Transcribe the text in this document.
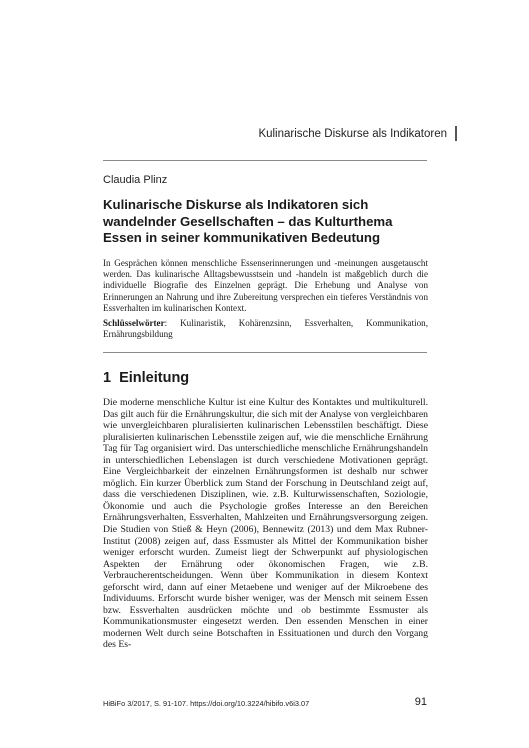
Kulinarische Diskurse als Indikatoren
Claudia Plinz
Kulinarische Diskurse als Indikatoren sich wandelnder Gesellschaften – das Kulturthema Essen in seiner kommunikativen Bedeutung

In Gesprächen können menschliche Essenserinnerungen und -meinungen ausgetauscht werden. Das kulinarische Alltagsbewusstsein und -handeln ist maßgeblich durch die individuelle Biografie des Einzelnen geprägt. Die Erhebung und Analyse von Erinnerungen an Nahrung und ihre Zubereitung versprechen ein tieferes Verständnis von Essverhalten im kulinarischen Kontext.

Schlüsselwörter: Kulinaristik, Kohärenzsinn, Essverhalten, Kommunikation, Ernährungsbildung

1 Einleitung

Die moderne menschliche Kultur ist eine Kultur des Kontaktes und multikulturell. Das gilt auch für die Ernährungskultur, die sich mit der Analyse von vergleichbaren wie unvergleichbaren pluralisierten kulinarischen Lebensstilen beschäftigt. Diese pluralisierten kulinarischen Lebensstile zeigen auf, wie die menschliche Ernährung Tag für Tag organisiert wird. Das unterschiedliche menschliche Ernährungshandeln in unterschiedlichen Lebenslagen ist durch verschiedene Motivationen geprägt. Eine Vergleichbarkeit der einzelnen Ernährungsformen ist deshalb nur schwer möglich. Ein kurzer Überblick zum Stand der Forschung in Deutschland zeigt auf, dass die verschiedenen Disziplinen, wie. z.B. Kulturwissenschaften, Soziologie, Ökonomie und auch die Psychologie großes Interesse an den Bereichen Ernährungsverhalten, Essverhalten, Mahlzeiten und Ernährungsversorgung zeigen. Die Studien von Stieß & Heyn (2006), Bennewitz (2013) und dem Max Rubner-Institut (2008) zeigen auf, dass Essmuster als Mittel der Kommunikation bisher weniger erforscht wurden. Zumeist liegt der Schwerpunkt auf physiologischen Aspekten der Ernährung oder ökonomischen Fragen, wie z.B. Verbraucherentscheidungen. Wenn über Kommunikation in diesem Kontext geforscht wird, dann auf einer Metaebene und weniger auf der Mikroebene des Individuums. Erforscht wurde bisher weniger, was der Mensch mit seinem Essen bzw. Essverhalten ausdrücken möchte und ob bestimmte Essmuster als Kommunikationsmuster eingesetzt werden. Den essenden Menschen in einer modernen Welt durch seine Botschaften in Essituationen und durch den Vorgang des Es-

HiBiFo 3/2017, S. 91-107. https://doi.org/10.3224/hibifo.v6i3.07	91
